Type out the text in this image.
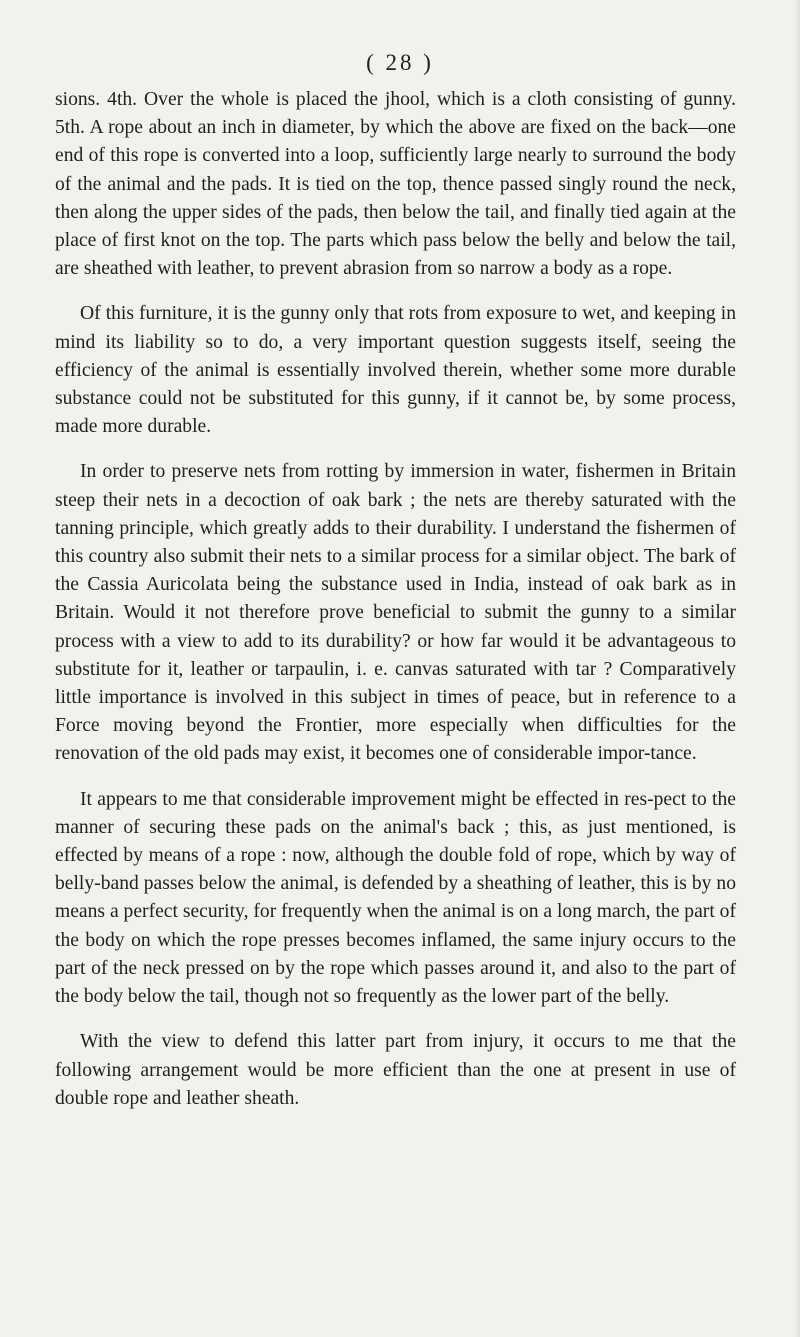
( 28 )

sions. 4th. Over the whole is placed the jhool, which is a cloth consisting of gunny. 5th. A rope about an inch in diameter, by which the above are fixed on the back—one end of this rope is converted into a loop, sufficiently large nearly to surround the body of the animal and the pads. It is tied on the top, thence passed singly round the neck, then along the upper sides of the pads, then below the tail, and finally tied again at the place of first knot on the top. The parts which pass below the belly and below the tail, are sheathed with leather, to prevent abrasion from so narrow a body as a rope.

Of this furniture, it is the gunny only that rots from exposure to wet, and keeping in mind its liability so to do, a very important question suggests itself, seeing the efficiency of the animal is essentially involved therein, whether some more durable substance could not be substituted for this gunny, if it cannot be, by some process, made more durable.

In order to preserve nets from rotting by immersion in water, fishermen in Britain steep their nets in a decoction of oak bark ; the nets are thereby saturated with the tanning principle, which greatly adds to their durability. I understand the fishermen of this country also submit their nets to a similar process for a similar object. The bark of the Cassia Auricolata being the substance used in India, instead of oak bark as in Britain. Would it not therefore prove beneficial to submit the gunny to a similar process with a view to add to its durability? or how far would it be advantageous to substitute for it, leather or tarpaulin, i. e. canvas saturated with tar ? Comparatively little importance is involved in this subject in times of peace, but in reference to a Force moving beyond the Frontier, more especially when difficulties for the renovation of the old pads may exist, it becomes one of considerable impor-tance.

It appears to me that considerable improvement might be effected in res-pect to the manner of securing these pads on the animal's back ; this, as just mentioned, is effected by means of a rope : now, although the double fold of rope, which by way of belly-band passes below the animal, is defended by a sheathing of leather, this is by no means a perfect security, for frequently when the animal is on a long march, the part of the body on which the rope presses becomes inflamed, the same injury occurs to the part of the neck pressed on by the rope which passes around it, and also to the part of the body below the tail, though not so frequently as the lower part of the belly.

With the view to defend this latter part from injury, it occurs to me that the following arrangement would be more efficient than the one at present in use of double rope and leather sheath.
